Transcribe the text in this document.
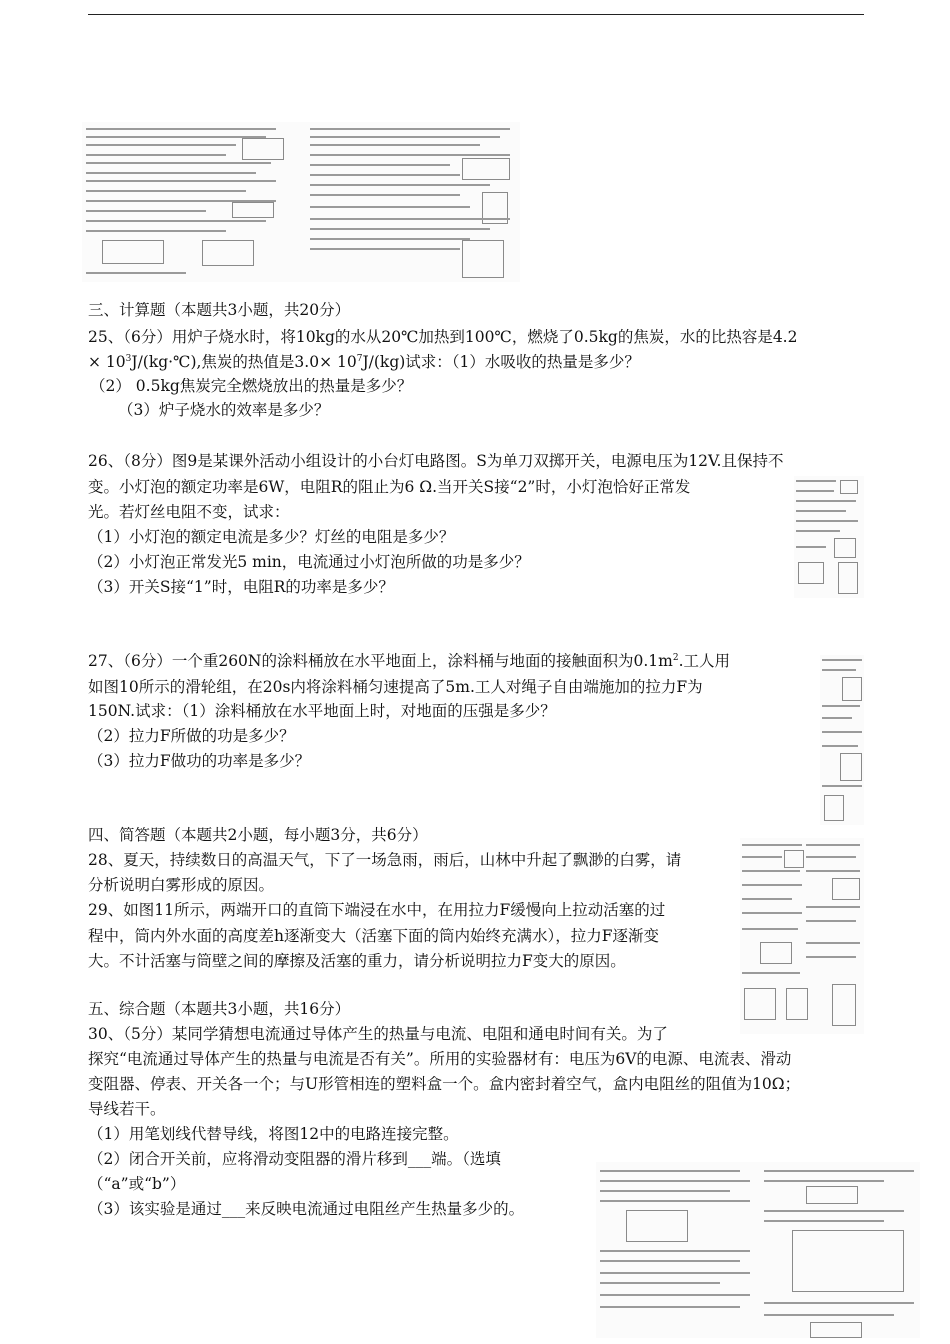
三、计算题（本题共3小题，共20分）
25、（6分）用炉子烧水时，将10kg的水从20℃加热到100℃，燃烧了0.5kg的焦炭，水的比热容是4.2
× $10^3J/(kg\cdot℃)$,焦炭的热值是$3.0\times 10^7J/(kg)$试求：（1）水吸收的热量是多少？
（2） 0.5kg焦炭完全燃烧放出的热量是多少？
（3）炉子烧水的效率是多少？
26、（8分）图9是某课外活动小组设计的小台灯电路图。S为单刀双掷开关，电源电压为12V.且保持不
变。小灯泡的额定功率是6W，电阻R的阻止为6 Ω.当开关S接“2”时，小灯泡恰好正常发
光。若灯丝电阻不变，试求：
（1）小灯泡的额定电流是多少？灯丝的电阻是多少？
（2）小灯泡正常发光5 min，电流通过小灯泡所做的功是多少？
（3）开关S接“1”时，电阻R的功率是多少？
27、（6分）一个重260N的涂料桶放在水平地面上，涂料桶与地面的接触面积为$0.1m^2$.工人用
如图10所示的滑轮组，在20s内将涂料桶匀速提高了5m.工人对绳子自由端施加的拉力F为
150N.试求：（1）涂料桶放在水平地面上时，对地面的压强是多少？
（2）拉力F所做的功是多少？
（3）拉力F做功的功率是多少？
四、简答题（本题共2小题，每小题3分，共6分）
28、夏天，持续数日的高温天气，下了一场急雨，雨后，山林中升起了飘渺的白雾，请
分析说明白雾形成的原因。
29、如图11所示，两端开口的直筒下端浸在水中，在用拉力F缓慢向上拉动活塞的过
程中，筒内外水面的高度差h逐渐变大（活塞下面的筒内始终充满水），拉力F逐渐变
大。不计活塞与筒壁之间的摩擦及活塞的重力，请分析说明拉力F变大的原因。
五、综合题（本题共3小题，共16分）
30、（5分）某同学猜想电流通过导体产生的热量与电流、电阻和通电时间有关。为了
探究“电流通过导体产生的热量与电流是否有关”。所用的实验器材有：电压为6V的电源、电流表、滑动
变阻器、停表、开关各一个；与U形管相连的塑料盒一个。盒内密封着空气，盒内电阻丝的阻值为10Ω；
导线若干。
（1）用笔划线代替导线，将图12中的电路连接完整。
（2）闭合开关前，应将滑动变阻器的滑片移到___端。（选填
（“a”或“b”）
（3）该实验是通过___来反映电流通过电阻丝产生热量多少的。
